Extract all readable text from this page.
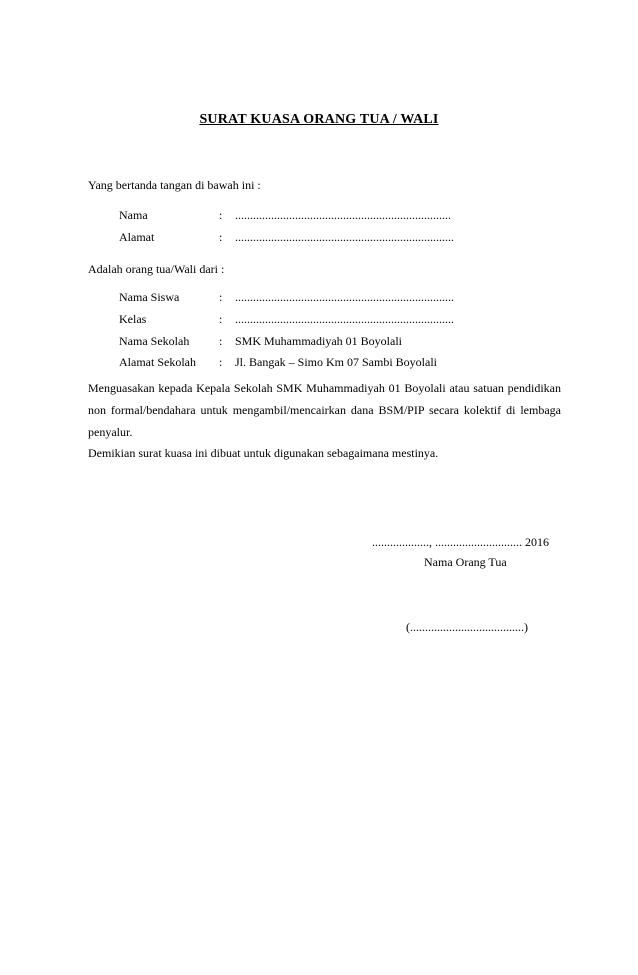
SURAT KUASA ORANG TUA / WALI
Yang bertanda tangan di bawah ini :
Nama	: ........................................................................
Alamat	: .........................................................................
Adalah orang tua/Wali dari :
Nama Siswa	: .........................................................................
Kelas	: .........................................................................
Nama Sekolah : SMK Muhammadiyah 01 Boyolali
Alamat Sekolah : Jl. Bangak – Simo Km 07 Sambi Boyolali
Menguasakan kepada Kepala Sekolah SMK Muhammadiyah 01 Boyolali atau satuan pendidikan
non formal/bendahara untuk mengambil/mencairkan dana BSM/PIP secara kolektif di lembaga
penyalur.
Demikian surat kuasa ini dibuat untuk digunakan sebagaimana mestinya.
..................., ............................. 2016
Nama Orang Tua
(......................................)
